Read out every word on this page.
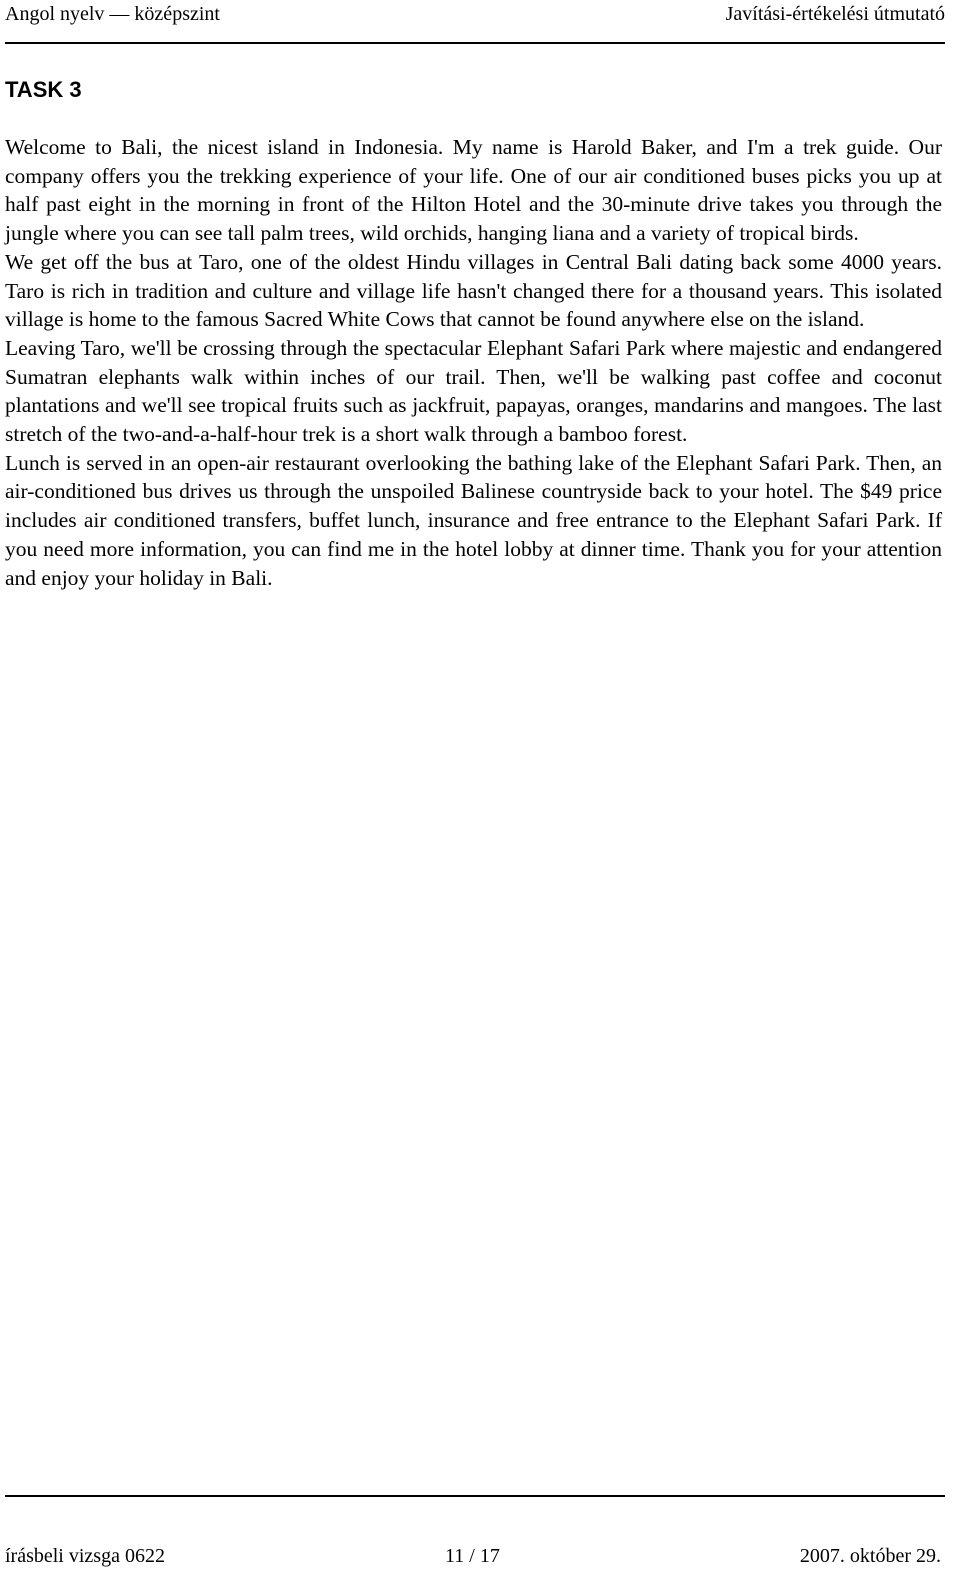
Angol nyelv — középszint	Javítási-értékelési útmutató
TASK 3

Welcome to Bali, the nicest island in Indonesia. My name is Harold Baker, and I'm a trek guide. Our company offers you the trekking experience of your life. One of our air conditioned buses picks you up at half past eight in the morning in front of the Hilton Hotel and the 30-minute drive takes you through the jungle where you can see tall palm trees, wild orchids, hanging liana and a variety of tropical birds.

We get off the bus at Taro, one of the oldest Hindu villages in Central Bali dating back some 4000 years. Taro is rich in tradition and culture and village life hasn't changed there for a thousand years. This isolated village is home to the famous Sacred White Cows that cannot be found anywhere else on the island.

Leaving Taro, we'll be crossing through the spectacular Elephant Safari Park where majestic and endangered Sumatran elephants walk within inches of our trail. Then, we'll be walking past coffee and coconut plantations and we'll see tropical fruits such as jackfruit, papayas, oranges, mandarins and mangoes. The last stretch of the two-and-a-half-hour trek is a short walk through a bamboo forest.

Lunch is served in an open-air restaurant overlooking the bathing lake of the Elephant Safari Park. Then, an air-conditioned bus drives us through the unspoiled Balinese countryside back to your hotel. The $49 price includes air conditioned transfers, buffet lunch, insurance and free entrance to the Elephant Safari Park. If you need more information, you can find me in the hotel lobby at dinner time. Thank you for your attention and enjoy your holiday in Bali.

írásbeli vizsga 0622	11 / 17	2007. október 29.
